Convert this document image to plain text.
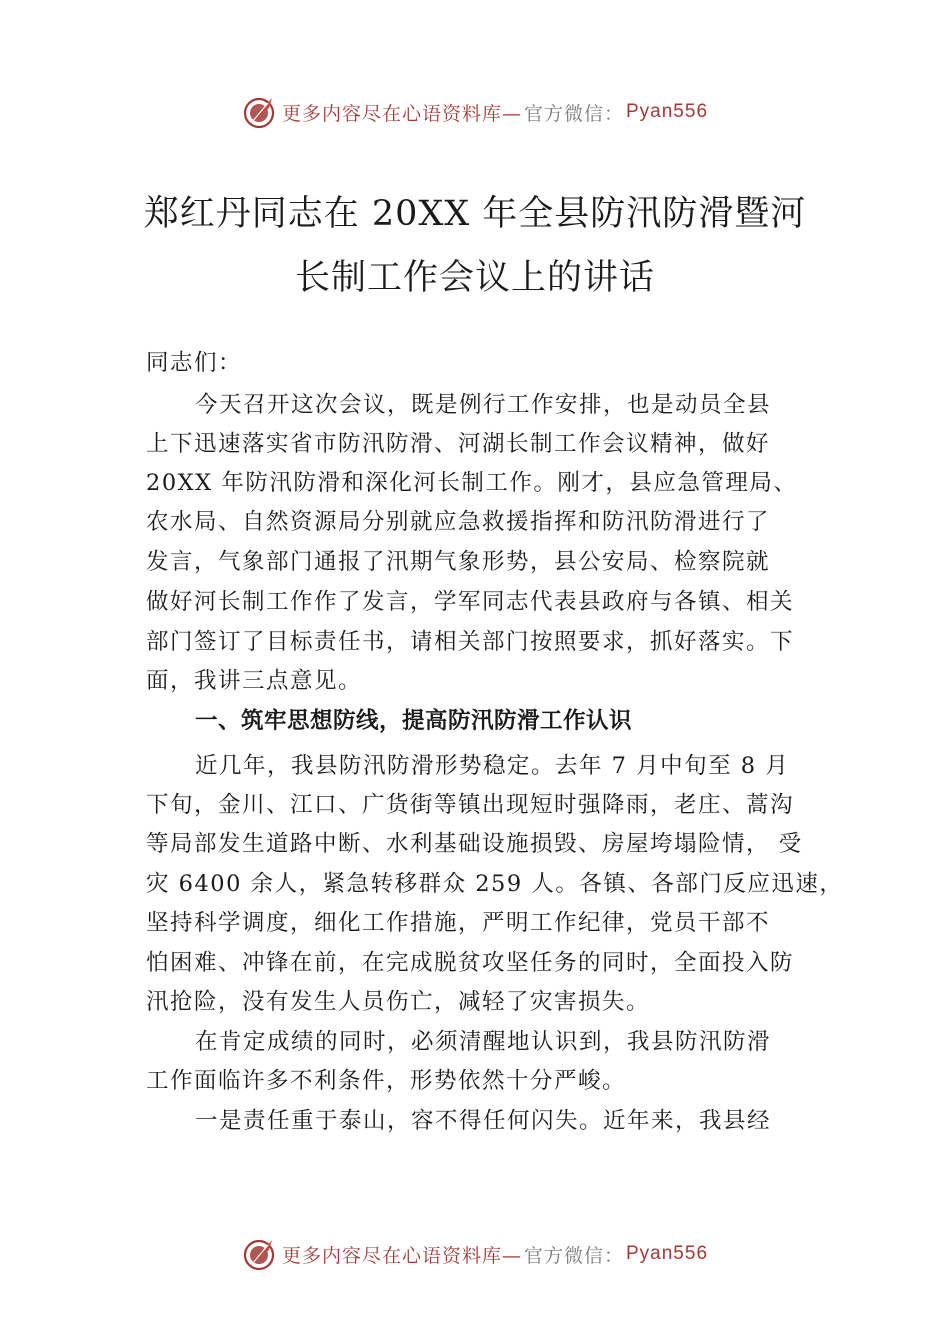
更多内容尽在心语资料库— 官方微信： Pyan556
郑红丹同志在 20XX 年全县防汛防滑暨河
长制工作会议上的讲话
同志们：
今天召开这次会议，既是例行工作安排，也是动员全县
上下迅速落实省市防汛防滑、河湖长制工作会议精神，做好
20XX 年防汛防滑和深化河长制工作。刚才，县应急管理局、
农水局、自然资源局分别就应急救援指挥和防汛防滑进行了
发言，气象部门通报了汛期气象形势，县公安局、检察院就
做好河长制工作作了发言，学军同志代表县政府与各镇、相关
部门签订了目标责任书，请相关部门按照要求，抓好落实。下
面，我讲三点意见。
一、筑牢思想防线，提高防汛防滑工作认识
近几年，我县防汛防滑形势稳定。去年 7 月中旬至 8 月
下旬，金川、江口、广货街等镇出现短时强降雨，老庄、蒿沟
等局部发生道路中断、水利基础设施损毁、房屋垮塌险情， 受
灾 6400 余人，紧急转移群众 259 人。各镇、各部门反应迅速，
坚持科学调度，细化工作措施，严明工作纪律，党员干部不
怕困难、冲锋在前，在完成脱贫攻坚任务的同时，全面投入防
汛抢险，没有发生人员伤亡，减轻了灾害损失。
在肯定成绩的同时，必须清醒地认识到，我县防汛防滑
工作面临许多不利条件，形势依然十分严峻。
一是责任重于泰山，容不得任何闪失。近年来，我县经
更多内容尽在心语资料库— 官方微信： Pyan556
